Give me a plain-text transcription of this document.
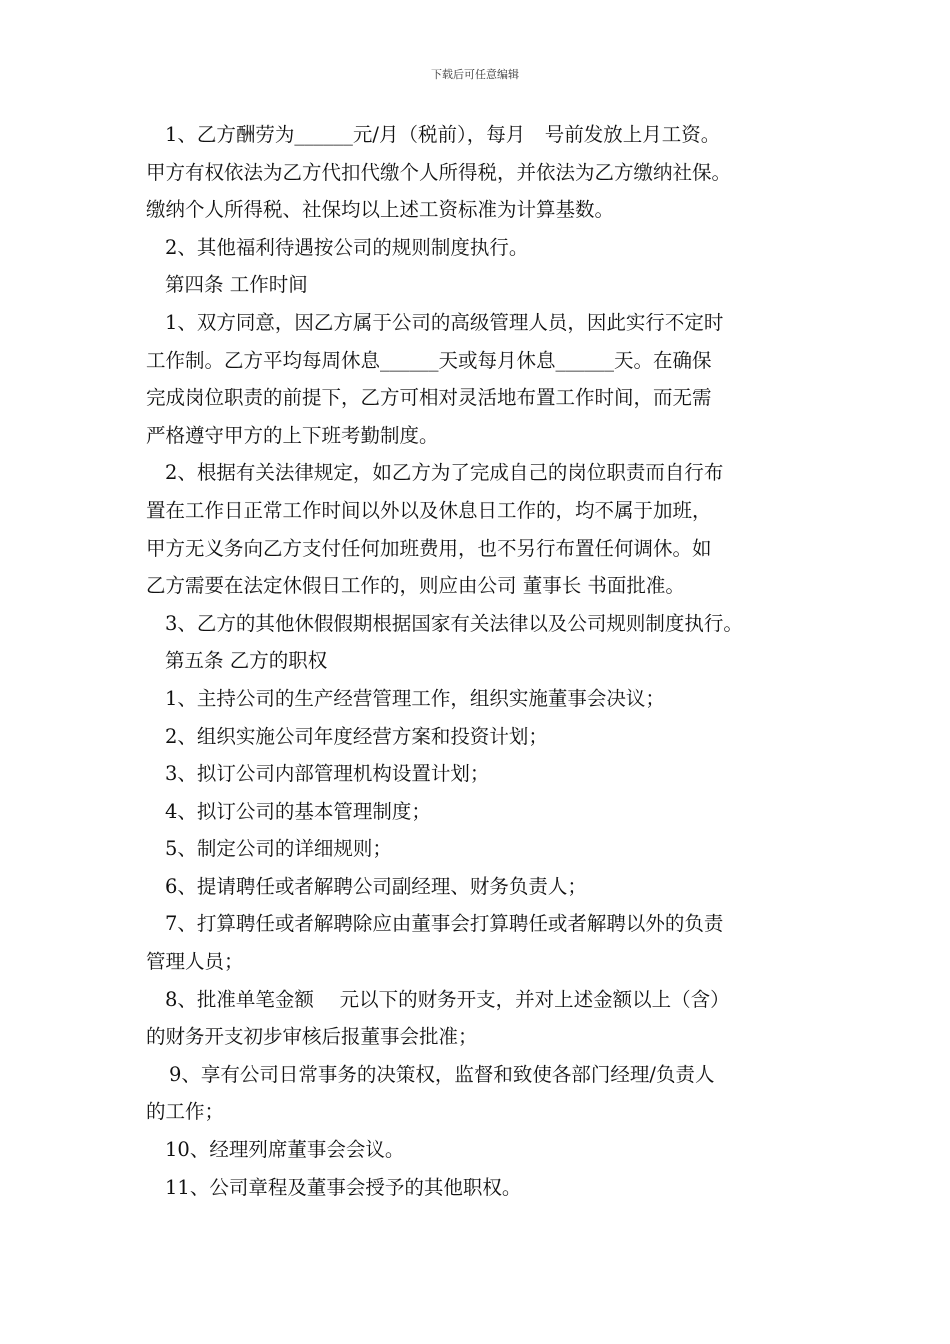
下载后可任意编辑

1、乙方酬劳为______元/月（税前），每月　号前发放上月工资。

甲方有权依法为乙方代扣代缴个人所得税，并依法为乙方缴纳社保。

缴纳个人所得税、社保均以上述工资标准为计算基数。

2、其他福利待遇按公司的规则制度执行。

第四条 工作时间

1、双方同意，因乙方属于公司的高级管理人员，因此实行不定时

工作制。乙方平均每周休息______天或每月休息______天。在确保

完成岗位职责的前提下，乙方可相对灵活地布置工作时间，而无需

严格遵守甲方的上下班考勤制度。

2、根据有关法律规定，如乙方为了完成自己的岗位职责而自行布

置在工作日正常工作时间以外以及休息日工作的，均不属于加班，

甲方无义务向乙方支付任何加班费用，也不另行布置任何调休。如

乙方需要在法定休假日工作的，则应由公司 董事长 书面批准。

3、乙方的其他休假假期根据国家有关法律以及公司规则制度执行。

第五条 乙方的职权

1、主持公司的生产经营管理工作，组织实施董事会决议；

2、组织实施公司年度经营方案和投资计划；

3、拟订公司内部管理机构设置计划；

4、拟订公司的基本管理制度；

5、制定公司的详细规则；

6、提请聘任或者解聘公司副经理、财务负责人；

7、打算聘任或者解聘除应由董事会打算聘任或者解聘以外的负责

管理人员；

8、批准单笔金额　 元以下的财务开支，并对上述金额以上（含）

的财务开支初步审核后报董事会批准；

9、享有公司日常事务的决策权，监督和致使各部门经理/负责人

的工作；

10、经理列席董事会会议。

11、公司章程及董事会授予的其他职权。
